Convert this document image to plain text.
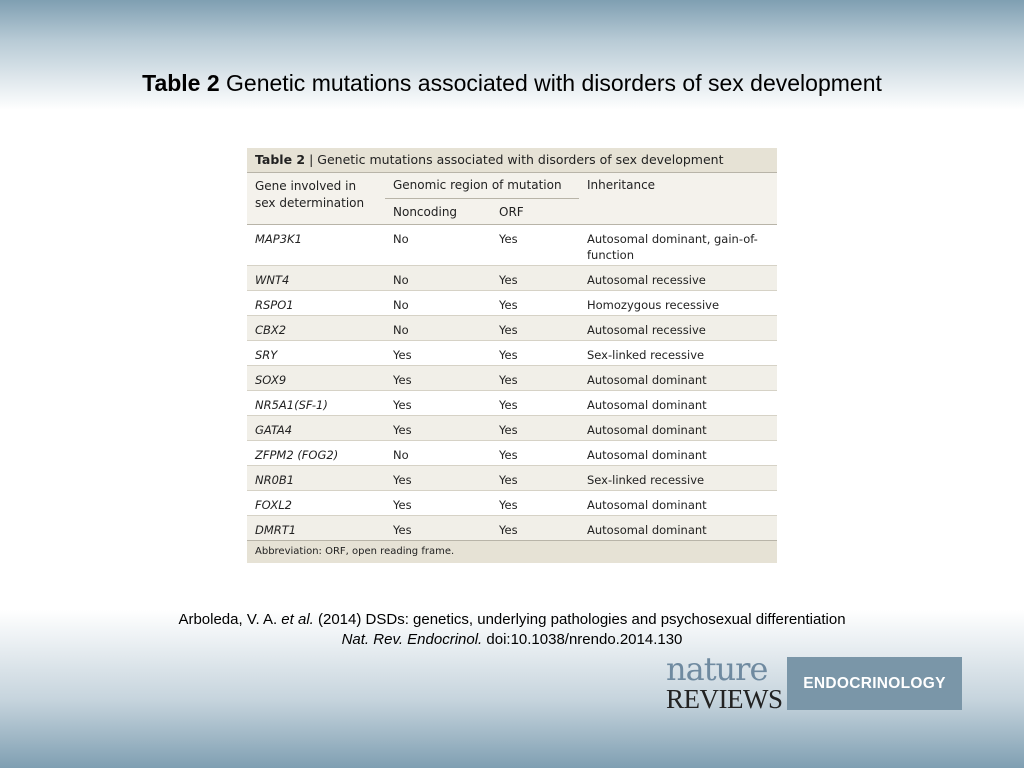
Table 2 Genetic mutations associated with disorders of sex development
Table 2 | Genetic mutations associated with disorders of sex development
Gene involved in sex determination
Genomic region of mutation
Noncoding	ORF
Inheritance
MAP3K1	No	Yes	Autosomal dominant, gain-of-function
WNT4	No	Yes	Autosomal recessive
RSPO1	No	Yes	Homozygous recessive
CBX2	No	Yes	Autosomal recessive
SRY	Yes	Yes	Sex-linked recessive
SOX9	Yes	Yes	Autosomal dominant
NR5A1(SF-1)	Yes	Yes	Autosomal dominant
GATA4	Yes	Yes	Autosomal dominant
ZFPM2 (FOG2)	No	Yes	Autosomal dominant
NR0B1	Yes	Yes	Sex-linked recessive
FOXL2	Yes	Yes	Autosomal dominant
DMRT1	Yes	Yes	Autosomal dominant
Abbreviation: ORF, open reading frame.
Arboleda, V. A. et al. (2014) DSDs: genetics, underlying pathologies and psychosexual differentiation
Nat. Rev. Endocrinol. doi:10.1038/nrendo.2014.130
nature
REVIEWS
ENDOCRINOLOGY
